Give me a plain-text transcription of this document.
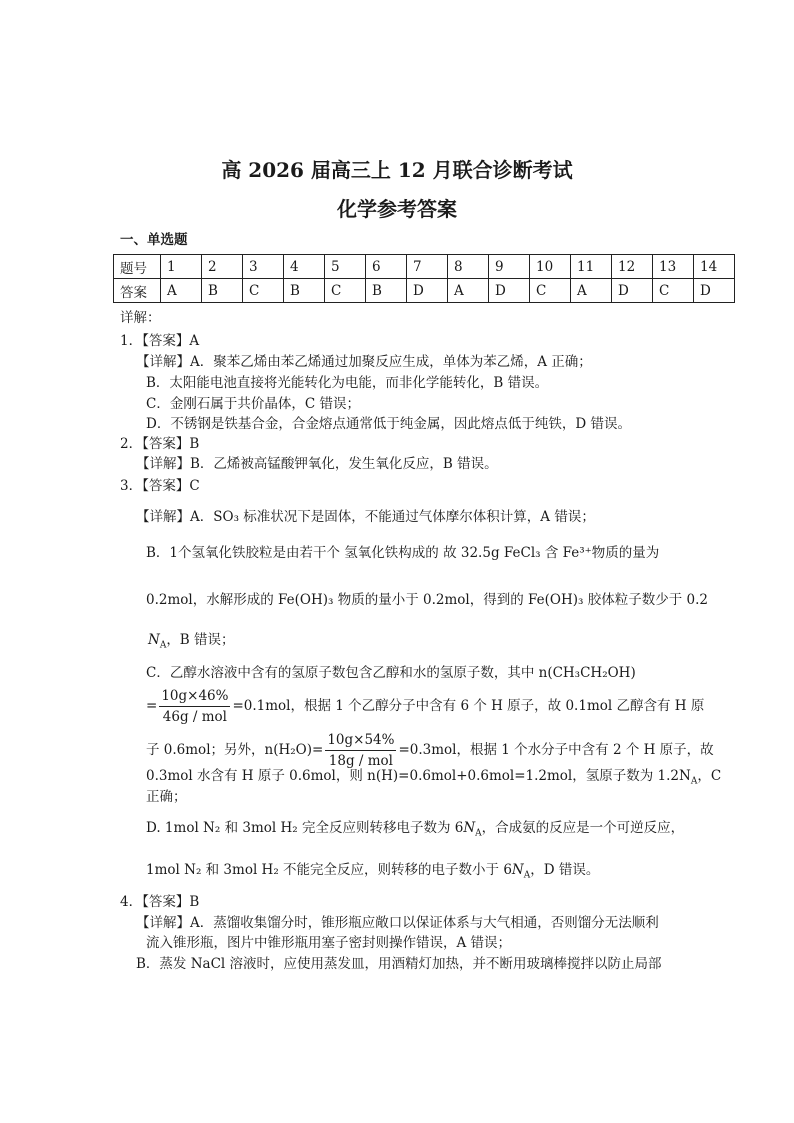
高 2026 届高三上 12 月联合诊断考试
化学参考答案
一、单选题
题号	1	2	3	4	5	6	7	8	9	10	11	12	13	14
答案	A	B	C	B	C	B	D	A	D	C	A	D	C	D
详解：
1．【答案】A
【详解】A．聚苯乙烯由苯乙烯通过加聚反应生成，单体为苯乙烯，A 正确；
B．太阳能电池直接将光能转化为电能，而非化学能转化，B 错误。
C．金刚石属于共价晶体，C 错误；
D．不锈钢是铁基合金，合金熔点通常低于纯金属，因此熔点低于纯铁，D 错误。
2．【答案】B
【详解】B．乙烯被高锰酸钾氧化，发生氧化反应，B 错误。
3．【答案】C
【详解】A．SO₃ 标准状况下是固体，不能通过气体摩尔体积计算，A 错误；
B．1个氢氧化铁胶粒是由若干个 氢氧化铁构成的 故 32.5g FeCl₃ 含 Fe³⁺物质的量为
0.2mol，水解形成的 Fe(OH)₃ 物质的量小于 0.2mol，得到的 Fe(OH)₃ 胶体粒子数少于 0.2
$N_A$，B 错误；
C．乙醇水溶液中含有的氢原子数包含乙醇和水的氢原子数，其中 n(CH₃CH₂OH)
= $\frac{10g\times 46\%}{\text{46g / mol}} =0.1mol$，根据 1 个乙醇分子中含有 6 个 H 原子，故 0.1mol 乙醇含有 H 原
子 0.6mol；另外，$n(H_2O)= \frac{10g\times 54\%}{\text{18g / mol}} =0.3mol$，根据 1 个水分子中含有 2 个 H 原子，故
0.3mol 水含有 H 原子 0.6mol，则 n(H)=0.6mol+0.6mol=1.2mol，氢原子数为 $1.2N_A$，C
正确；
D. 1mol N₂ 和 3mol H₂ 完全反应则转移电子数为 $6N_A$，合成氨的反应是一个可逆反应，
1mol N₂ 和 3mol H₂ 不能完全反应，则转移的电子数小于 $6N_A$，D 错误。
4．【答案】B
【详解】A．蒸馏收集馏分时，锥形瓶应敞口以保证体系与大气相通，否则馏分无法顺利
流入锥形瓶，图片中锥形瓶用塞子密封则操作错误，A 错误；
B．蒸发 NaCl 溶液时，应使用蒸发皿，用酒精灯加热，并不断用玻璃棒搅拌以防止局部
